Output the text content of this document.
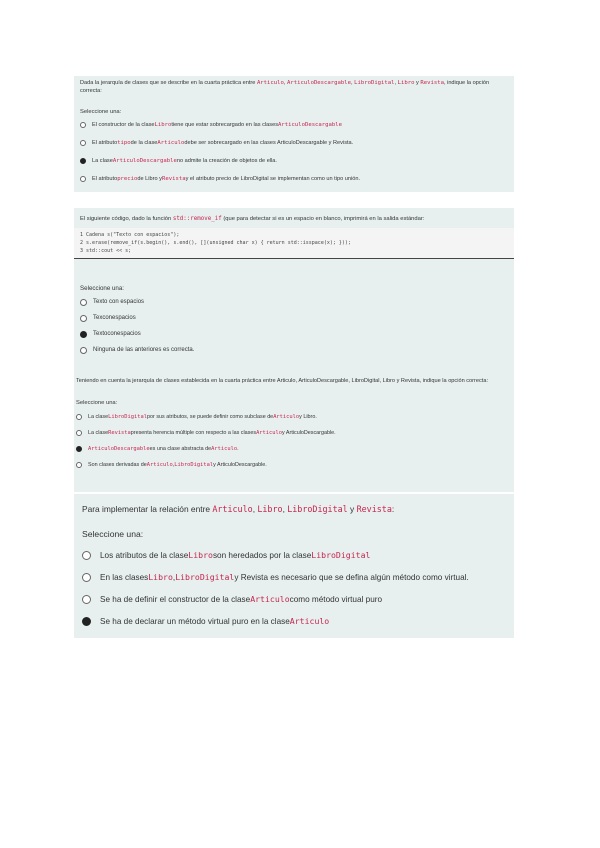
Dada la jerarquía de clases que se describe en la cuarta práctica entre Articulo, ArticuloDescargable, LibroDigital, Libro y Revista, indique la opción correcta:

Seleccione una:
El constructor de la clase Libro tiene que estar sobrecargado en las clases ArticuloDescargable
El atributo tipo de la clase Articulo debe ser sobrecargado en las clases ArticuloDescargable y Revista.
La clase ArticuloDescargable no admite la creación de objetos de ella.
El atributo precio de Libro y Revista y el atributo precio de LibroDigital se implementan como un tipo unión.

El siguiente código, dado la función std::remove_if (que para detectar si es un espacio en blanco, imprimirá en la salida estándar:

1 Cadena s("Texto con espacios");
2 s.erase(remove_if(s.begin(), s.end(), [](unsigned char x) { return std::isspace(x); }));
3 std::cout << s;
Seleccione una:
Texto con espacios
Texconespacios
Textoconespacios
Ninguna de las anteriores es correcta.

Teniendo en cuenta la jerarquía de clases establecida en la cuarta práctica entre Articulo, ArticuloDescargable, LibroDigital, Libro y Revista, indique la opción correcta:

Seleccione una:
La clase LibroDigital por sus atributos, se puede definir como subclase de Articulo y Libro.
La clase Revista presenta herencia múltiple con respecto a las clases Articulo y ArticuloDescargable.
ArticuloDescargable es una clase abstracta de Articulo .
Son clases derivadas de Articulo , LibroDigital y ArticuloDescargable.

Para implementar la relación entre Articulo, Libro, LibroDigital y Revista:

Seleccione una:
Los atributos de la clase Libro son heredados por la clase LibroDigital
En las clases Libro , LibroDigital y Revista es necesario que se defina algún método como virtual.
Se ha de definir el constructor de la clase Articulo como método virtual puro
Se ha de declarar un método virtual puro en la clase Articulo
